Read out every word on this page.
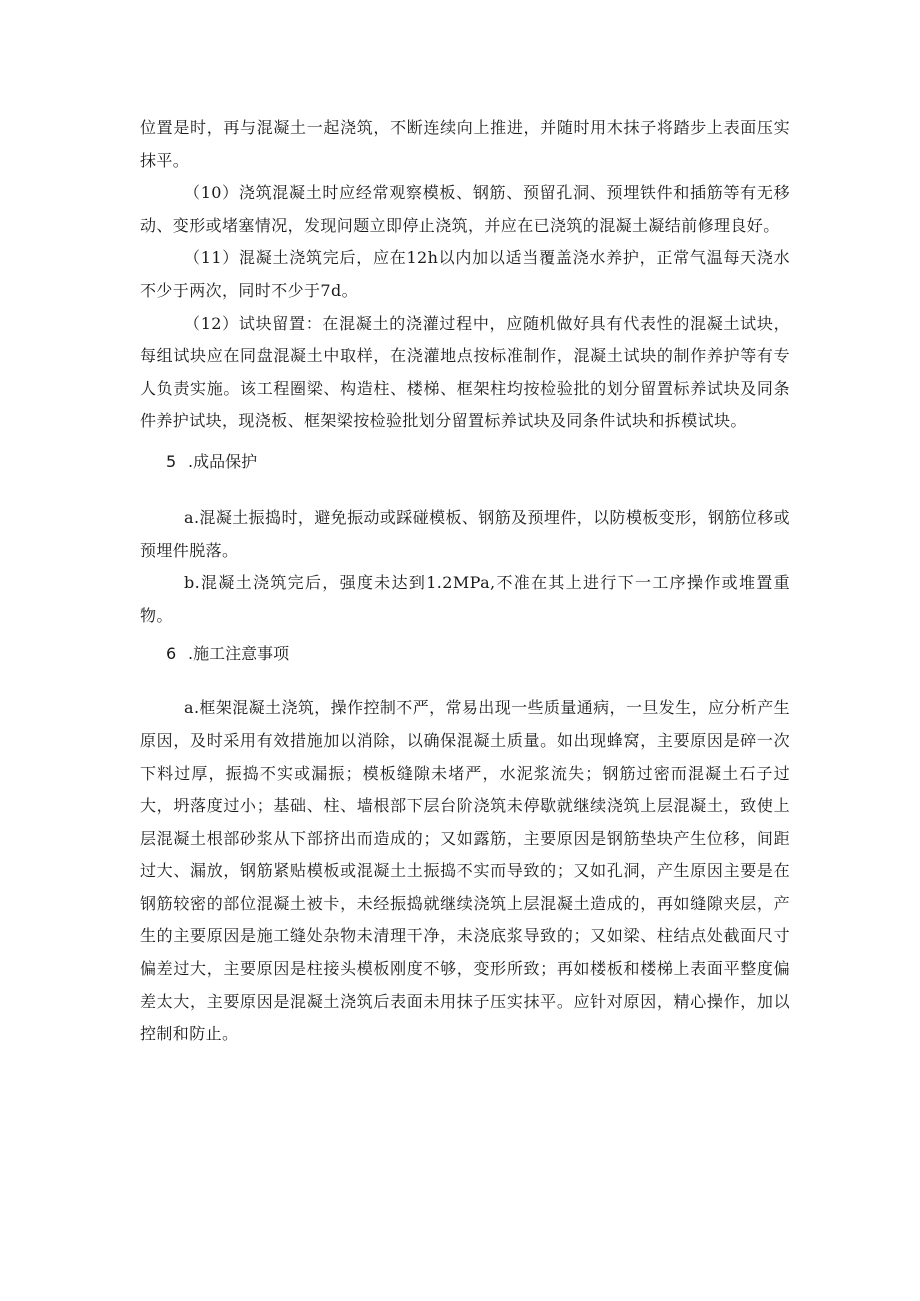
位置是时，再与混凝土一起浇筑，不断连续向上推进，并随时用木抹子将踏步上表面压实抹平。

（10）浇筑混凝土时应经常观察模板、钢筋、预留孔洞、预埋铁件和插筋等有无移动、变形或堵塞情况，发现问题立即停止浇筑，并应在已浇筑的混凝土凝结前修理良好。

（11）混凝土浇筑完后，应在12h以内加以适当覆盖浇水养护，正常气温每天浇水不少于两次，同时不少于7d。

（12）试块留置：在混凝土的浇灌过程中，应随机做好具有代表性的混凝土试块，每组试块应在同盘混凝土中取样，在浇灌地点按标准制作，混凝土试块的制作养护等有专人负责实施。该工程圈梁、构造柱、楼梯、框架柱均按检验批的划分留置标养试块及同条件养护试块，现浇板、框架梁按检验批划分留置标养试块及同条件试块和拆模试块。

5 .成品保护

a.混凝土振捣时，避免振动或踩碰模板、钢筋及预埋件，以防模板变形，钢筋位移或预埋件脱落。

b.混凝土浇筑完后，强度未达到1.2MPa,不准在其上进行下一工序操作或堆置重物。

6 .施工注意事项

a.框架混凝土浇筑，操作控制不严，常易出现一些质量通病，一旦发生，应分析产生原因，及时采用有效措施加以消除，以确保混凝土质量。如出现蜂窝，主要原因是碎一次下料过厚，振捣不实或漏振；模板缝隙未堵严，水泥浆流失；钢筋过密而混凝土石子过大，坍落度过小；基础、柱、墙根部下层台阶浇筑未停歇就继续浇筑上层混凝土，致使上层混凝土根部砂浆从下部挤出而造成的；又如露筋，主要原因是钢筋垫块产生位移，间距过大、漏放，钢筋紧贴模板或混凝土土振捣不实而导致的；又如孔洞，产生原因主要是在钢筋较密的部位混凝土被卡，未经振捣就继续浇筑上层混凝土造成的，再如缝隙夹层，产生的主要原因是施工缝处杂物未清理干净，未浇底浆导致的；又如梁、柱结点处截面尺寸偏差过大，主要原因是柱接头模板刚度不够，变形所致；再如楼板和楼梯上表面平整度偏差太大，主要原因是混凝土浇筑后表面未用抹子压实抹平。应针对原因，精心操作，加以控制和防止。
